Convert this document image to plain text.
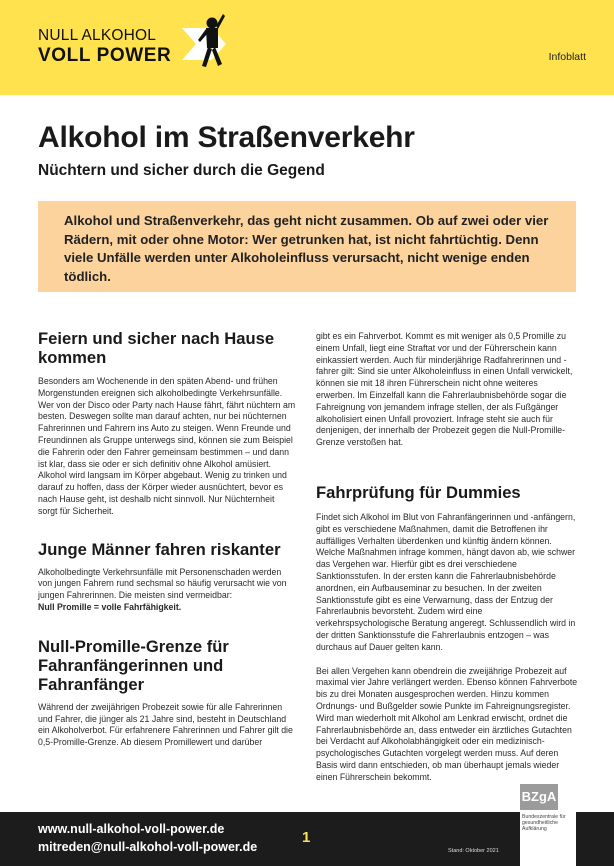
NULL ALKOHOL
VOLL POWER	Infoblatt
Alkohol im Straßenverkehr
Nüchtern und sicher durch die Gegend
Alkohol und Straßenverkehr, das geht nicht zusammen. Ob auf zwei oder vier Rädern, mit oder ohne Motor: Wer getrunken hat, ist nicht fahrtüchtig. Denn viele Unfälle werden unter Alkoholeinfluss verursacht, nicht wenige enden tödlich.
Feiern und sicher nach Hause kommen

Besonders am Wochenende in den späten Abend- und frühen Morgenstunden ereignen sich alkoholbedingte Verkehrsunfälle. Wer von der Disco oder Party nach Hause fährt, fährt nüchtern am besten. Deswegen sollte man darauf achten, nur bei nüchternen Fahrerinnen und Fahrern ins Auto zu steigen. Wenn Freunde und Freundinnen als Gruppe unterwegs sind, können sie zum Beispiel die Fahrerin oder den Fahrer gemeinsam bestimmen – und dann ist klar, dass sie oder er sich definitiv ohne Alkohol amüsiert. Alkohol wird langsam im Körper abgebaut. Wenig zu trinken und darauf zu hoffen, dass der Körper wieder ausnüchtert, bevor es nach Hause geht, ist deshalb nicht sinnvoll. Nur Nüchternheit sorgt für Sicherheit.

Junge Männer fahren riskanter

Alkoholbedingte Verkehrsunfälle mit Personenschaden werden von jungen Fahrern rund sechsmal so häufig verursacht wie von jungen Fahrerinnen. Die meisten sind vermeidbar:

Null Promille = volle Fahrfähigkeit.

Null-Promille-Grenze für Fahranfängerinnen und Fahranfänger

Während der zweijährigen Probezeit sowie für alle Fahrerinnen und Fahrer, die jünger als 21 Jahre sind, besteht in Deutschland ein Alkoholverbot. Für erfahrenere Fahrerinnen und Fahrer gilt die 0,5-Promille-Grenze. Ab diesem Promillewert und darüber

gibt es ein Fahrverbot. Kommt es mit weniger als 0,5 Promille zu einem Unfall, liegt eine Straftat vor und der Führerschein kann einkassiert werden. Auch für minderjährige Radfahrerinnen und -fahrer gilt: Sind sie unter Alkoholeinfluss in einen Unfall verwickelt, können sie mit 18 ihren Führerschein nicht ohne weiteres erwerben. Im Einzelfall kann die Fahrerlaubnisbehörde sogar die Fahreignung von jemandem infrage stellen, der als Fußgänger alkoholisiert einen Unfall provoziert. Infrage steht sie auch für denjenigen, der innerhalb der Probezeit gegen die Null-Promille-Grenze verstoßen hat.

Fahrprüfung für Dummies

Findet sich Alkohol im Blut von Fahranfängerinnen und -anfängern, gibt es verschiedene Maßnahmen, damit die Betroffenen ihr auffälliges Verhalten überdenken und künftig ändern können. Welche Maßnahmen infrage kommen, hängt davon ab, wie schwer das Vergehen war. Hierfür gibt es drei verschiedene Sanktionsstufen. In der ersten kann die Fahrerlaubnisbehörde anordnen, ein Aufbauseminar zu besuchen. In der zweiten Sanktionsstufe gibt es eine Verwarnung, dass der Entzug der Fahrerlaubnis bevorsteht. Zudem wird eine verkehrspsychologische Beratung angeregt. Schlussendlich wird in der dritten Sanktionsstufe die Fahrerlaubnis entzogen – was durchaus auf Dauer gelten kann.

Bei allen Vergehen kann obendrein die zweijährige Probezeit auf maximal vier Jahre verlängert werden. Ebenso können Fahrverbote bis zu drei Monaten ausgesprochen werden. Hinzu kommen Ordnungs- und Bußgelder sowie Punkte im Fahreignungsregister. Wird man wiederholt mit Alkohol am Lenkrad erwischt, ordnet die Fahrerlaubnisbehörde an, dass entweder ein ärztliches Gutachten bei Verdacht auf Alkoholabhängigkeit oder ein medizinisch-psychologisches Gutachten vorgelegt werden muss. Auf deren Basis wird dann entschieden, ob man überhaupt jemals wieder einen Führerschein bekommt.

www.null-alkohol-voll-power.de
mitreden@null-alkohol-voll-power.de
1
Stand: Oktober 2021
BZgA
Bundeszentrale für gesundheitliche Aufklärung
